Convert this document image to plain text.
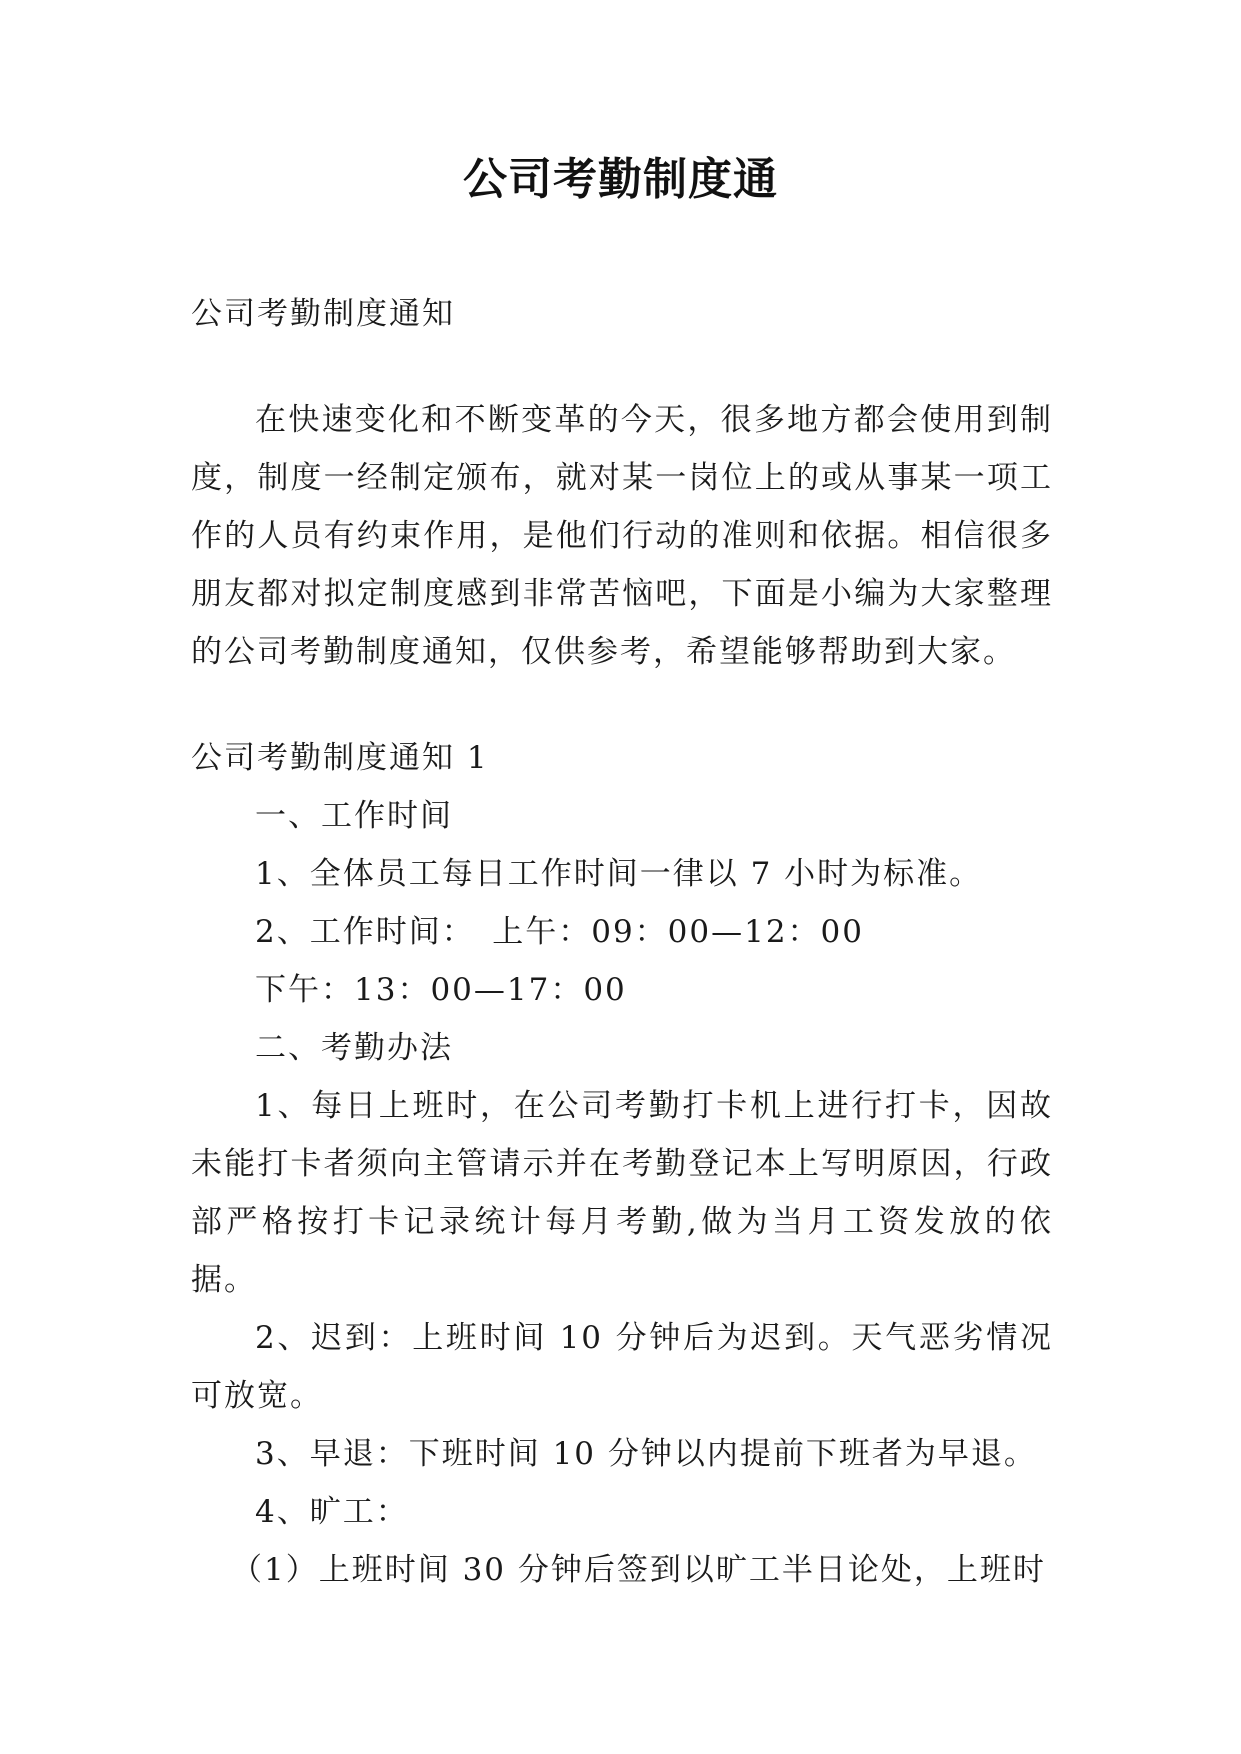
公司考勤制度通

公司考勤制度通知

在快速变化和不断变革的今天，很多地方都会使用到制度，制度一经制定颁布，就对某一岗位上的或从事某一项工作的人员有约束作用，是他们行动的准则和依据。相信很多朋友都对拟定制度感到非常苦恼吧，下面是小编为大家整理的公司考勤制度通知，仅供参考，希望能够帮助到大家。

公司考勤制度通知 1

一、工作时间

1、全体员工每日工作时间一律以 7 小时为标准。

2、工作时间：　上午：09：00—12：00

下午：13：00—17：00

二、考勤办法

1、每日上班时，在公司考勤打卡机上进行打卡，因故未能打卡者须向主管请示并在考勤登记本上写明原因，行政部严格按打卡记录统计每月考勤,做为当月工资发放的依据。

2、迟到：上班时间 10 分钟后为迟到。天气恶劣情况可放宽。

3、早退：下班时间 10 分钟以内提前下班者为早退。

4、旷工：

（1）上班时间 30 分钟后签到以旷工半日论处，上班时
